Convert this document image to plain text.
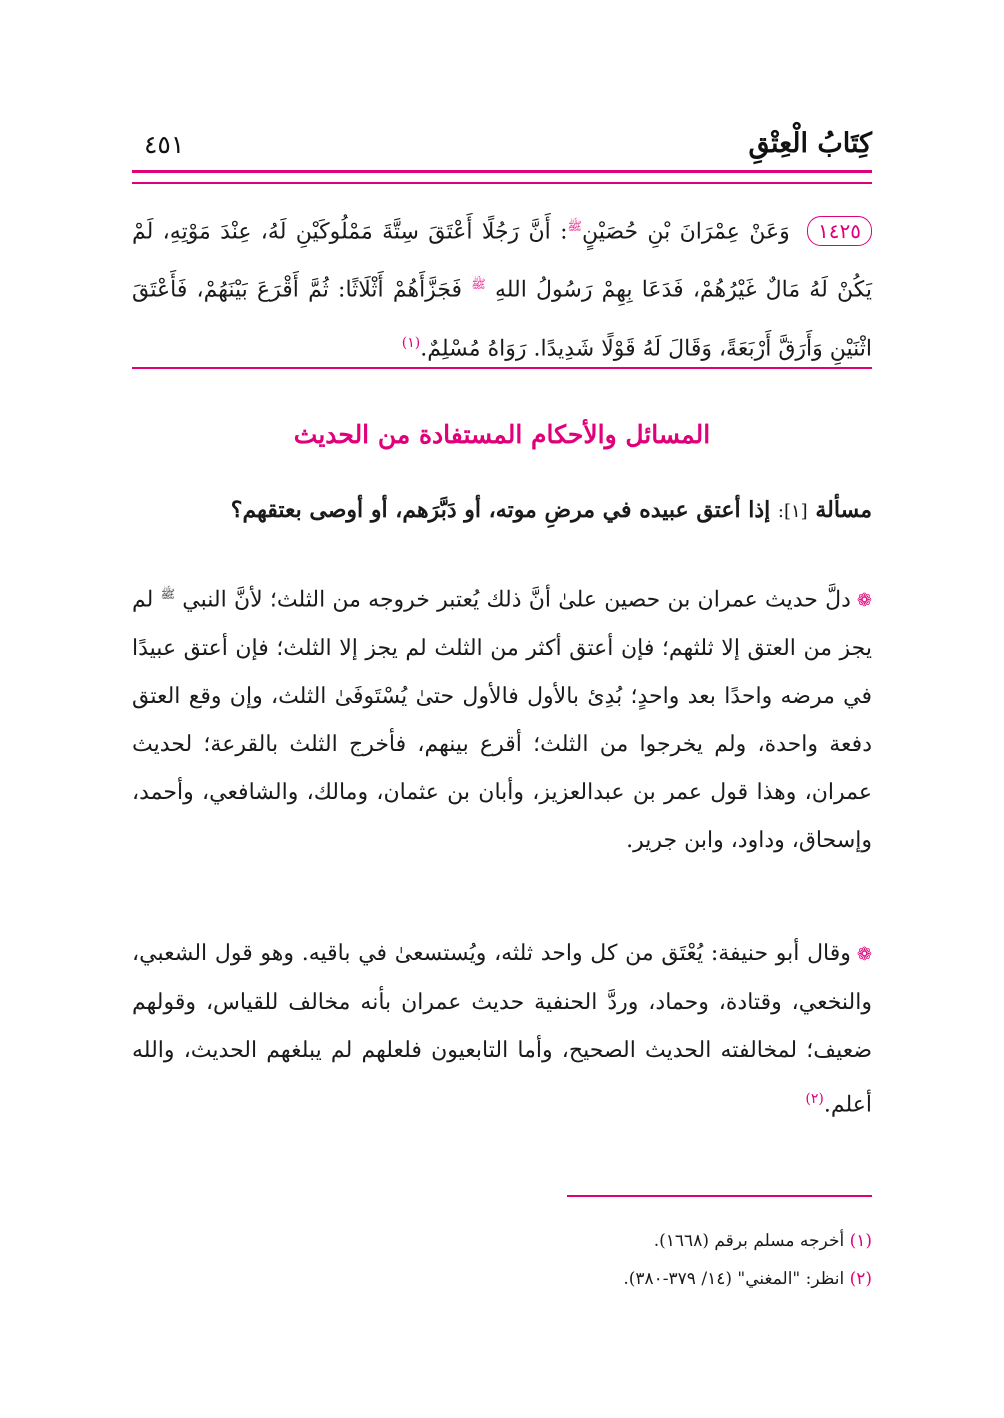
كِتَابُ الْعِتْقِ
٤٥١
١٤٢٥ وَعَنْ عِمْرَانَ بْنِ حُصَيْنٍ$^ﷺ$: أَنَّ رَجُلًا أَعْتَقَ سِتَّةَ مَمْلُوكَيْنِ لَهُ، عِنْدَ مَوْتِهِ، لَمْ يَكُنْ لَهُ مَالٌ غَيْرُهُمْ، فَدَعَا بِهِمْ رَسُولُ اللهِ $^ﷺ$ فَجَزَّأَهُمْ أَثْلَاثًا: ثُمَّ أَقْرَعَ بَيْنَهُمْ، فَأَعْتَقَ اثْنَيْنِ وَأَرَقَّ أَرْبَعَةً، وَقَالَ لَهُ قَوْلًا شَدِيدًا. رَوَاهُ مُسْلِمٌ.$^{(١)}$
المسائل والأحكام المستفادة من الحديث
مسألة [١]: إذا أعتق عبيده في مرضِ موته، أو دَبَّرَهم، أو أوصى بعتقهم؟
❁دلَّ حديث عمران بن حصين علىٰ أنَّ ذلك يُعتبر خروجه من الثلث؛ لأنَّ النبي $^ﷺ$ لم يجز من العتق إلا ثلثهم؛ فإن أعتق أكثر من الثلث لم يجز إلا الثلث؛ فإن أعتق عبيدًا في مرضه واحدًا بعد واحدٍ؛ بُدِئ بالأول فالأول حتىٰ يُسْتَوفَىٰ الثلث، وإن وقع العتق دفعة واحدة، ولم يخرجوا من الثلث؛ أقرع بينهم، فأخرج الثلث بالقرعة؛ لحديث عمران، وهذا قول عمر بن عبدالعزيز، وأبان بن عثمان، ومالك، والشافعي، وأحمد، وإسحاق، وداود، وابن جرير.
❁وقال أبو حنيفة: يُعْتَق من كل واحد ثلثه، ويُستسعىٰ في باقيه. وهو قول الشعبي، والنخعي، وقتادة، وحماد، وردَّ الحنفية حديث عمران بأنه مخالف للقياس، وقولهم ضعيف؛ لمخالفته الحديث الصحيح، وأما التابعيون فلعلهم لم يبلغهم الحديث، والله أعلم.$^{(٢)}$
(١) أخرجه مسلم برقم (١٦٦٨).
(٢) انظر: "المغني" (١٤/ ٣٧٩-٣٨٠).
